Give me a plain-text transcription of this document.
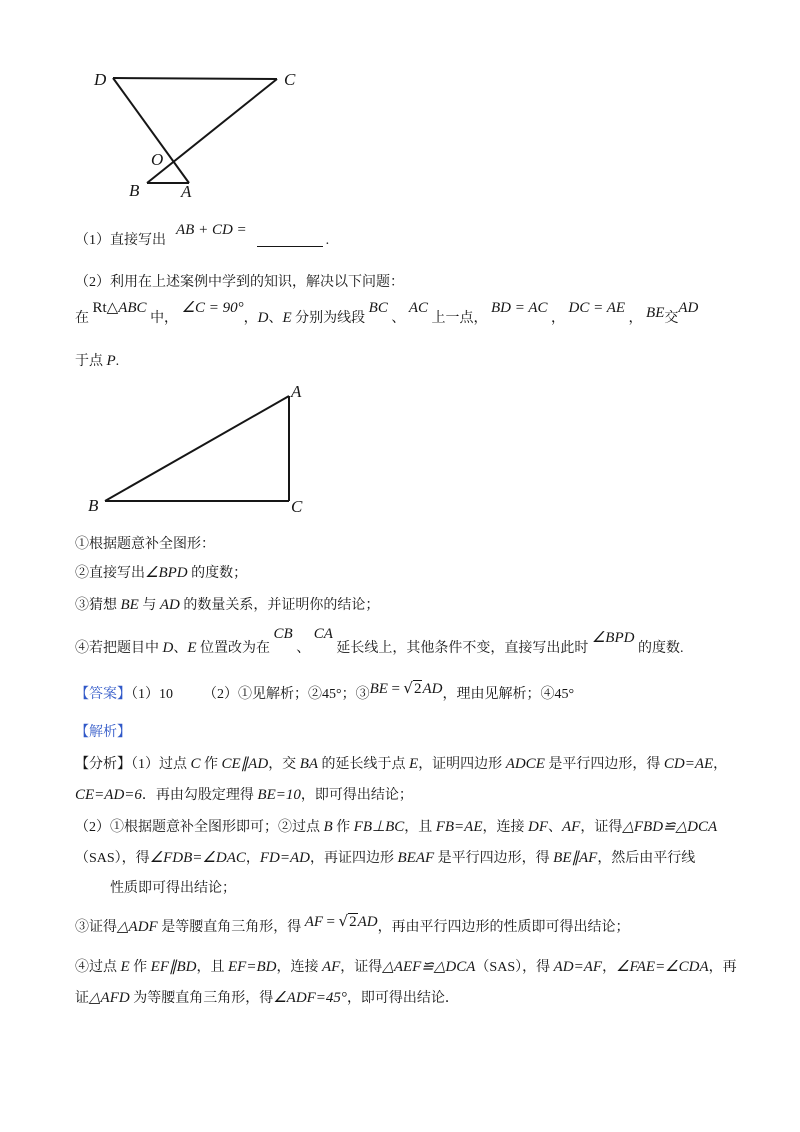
D	C
O
B A
（1）直接写出AB + CD =.
（2）利用在上述案例中学到的知识，解决以下问题：
在 Rt△ABC 中， ∠C = 90°，D、E 分别为线段 BC 、 AC 上一点， BD = AC ， DC = AE ， BE交AD
于点 P.
A
B	C
①根据题意补全图形：
②直接写出∠BPD 的度数；
③猜想 BE 与 AD 的数量关系，并证明你的结论；
④若把题目中 D、E 位置改为在 CB 、 CA 延长线上，其他条件不变，直接写出此时 ∠BPD 的度数.
【答案】（1）10 （2）①见解析；②45°；③BE = √2AD，理由见解析；④45°
【解析】
【分析】（1）过点 C 作 CE∥AD，交 BA 的延长线于点 E，证明四边形 ADCE 是平行四边形，得 CD=AE，
CE=AD=6．再由勾股定理得 BE=10，即可得出结论；
（2）①根据题意补全图形即可；②过点 B 作 FB⊥BC，且 FB=AE，连接 DF、AF，证得△FBD≌△DCA
（SAS），得∠FDB=∠DAC，FD=AD，再证四边形 BEAF 是平行四边形，得 BE∥AF，然后由平行线
性质即可得出结论；
③证得△ADF 是等腰直角三角形，得 AF = √2AD，再由平行四边形的性质即可得出结论；
④过点 E 作 EF∥BD，且 EF=BD，连接 AF，证得△AEF≌△DCA（SAS），得 AD=AF，∠FAE=∠CDA，再
证△AFD 为等腰直角三角形，得∠ADF=45°，即可得出结论．
